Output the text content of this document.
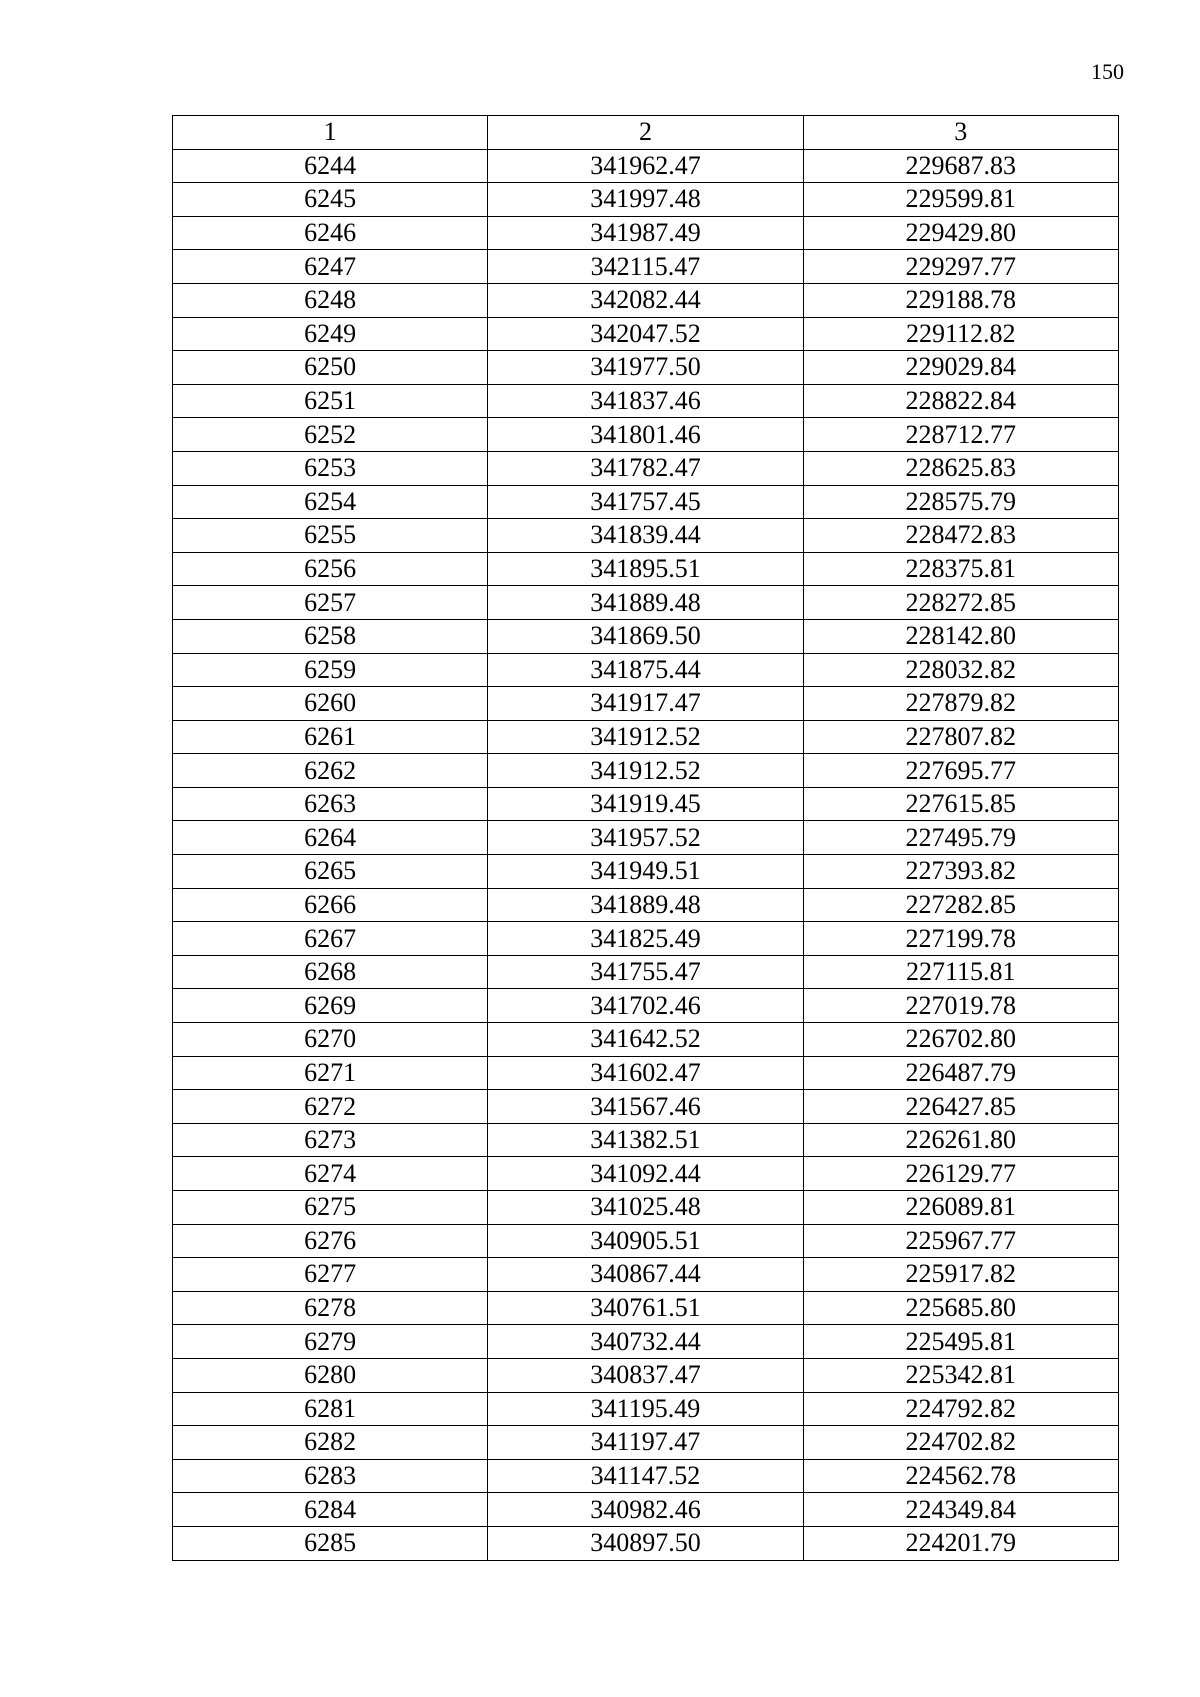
150
1	2	3
6244	341962.47	229687.83
6245	341997.48	229599.81
6246	341987.49	229429.80
6247	342115.47	229297.77
6248	342082.44	229188.78
6249	342047.52	229112.82
6250	341977.50	229029.84
6251	341837.46	228822.84
6252	341801.46	228712.77
6253	341782.47	228625.83
6254	341757.45	228575.79
6255	341839.44	228472.83
6256	341895.51	228375.81
6257	341889.48	228272.85
6258	341869.50	228142.80
6259	341875.44	228032.82
6260	341917.47	227879.82
6261	341912.52	227807.82
6262	341912.52	227695.77
6263	341919.45	227615.85
6264	341957.52	227495.79
6265	341949.51	227393.82
6266	341889.48	227282.85
6267	341825.49	227199.78
6268	341755.47	227115.81
6269	341702.46	227019.78
6270	341642.52	226702.80
6271	341602.47	226487.79
6272	341567.46	226427.85
6273	341382.51	226261.80
6274	341092.44	226129.77
6275	341025.48	226089.81
6276	340905.51	225967.77
6277	340867.44	225917.82
6278	340761.51	225685.80
6279	340732.44	225495.81
6280	340837.47	225342.81
6281	341195.49	224792.82
6282	341197.47	224702.82
6283	341147.52	224562.78
6284	340982.46	224349.84
6285	340897.50	224201.79
